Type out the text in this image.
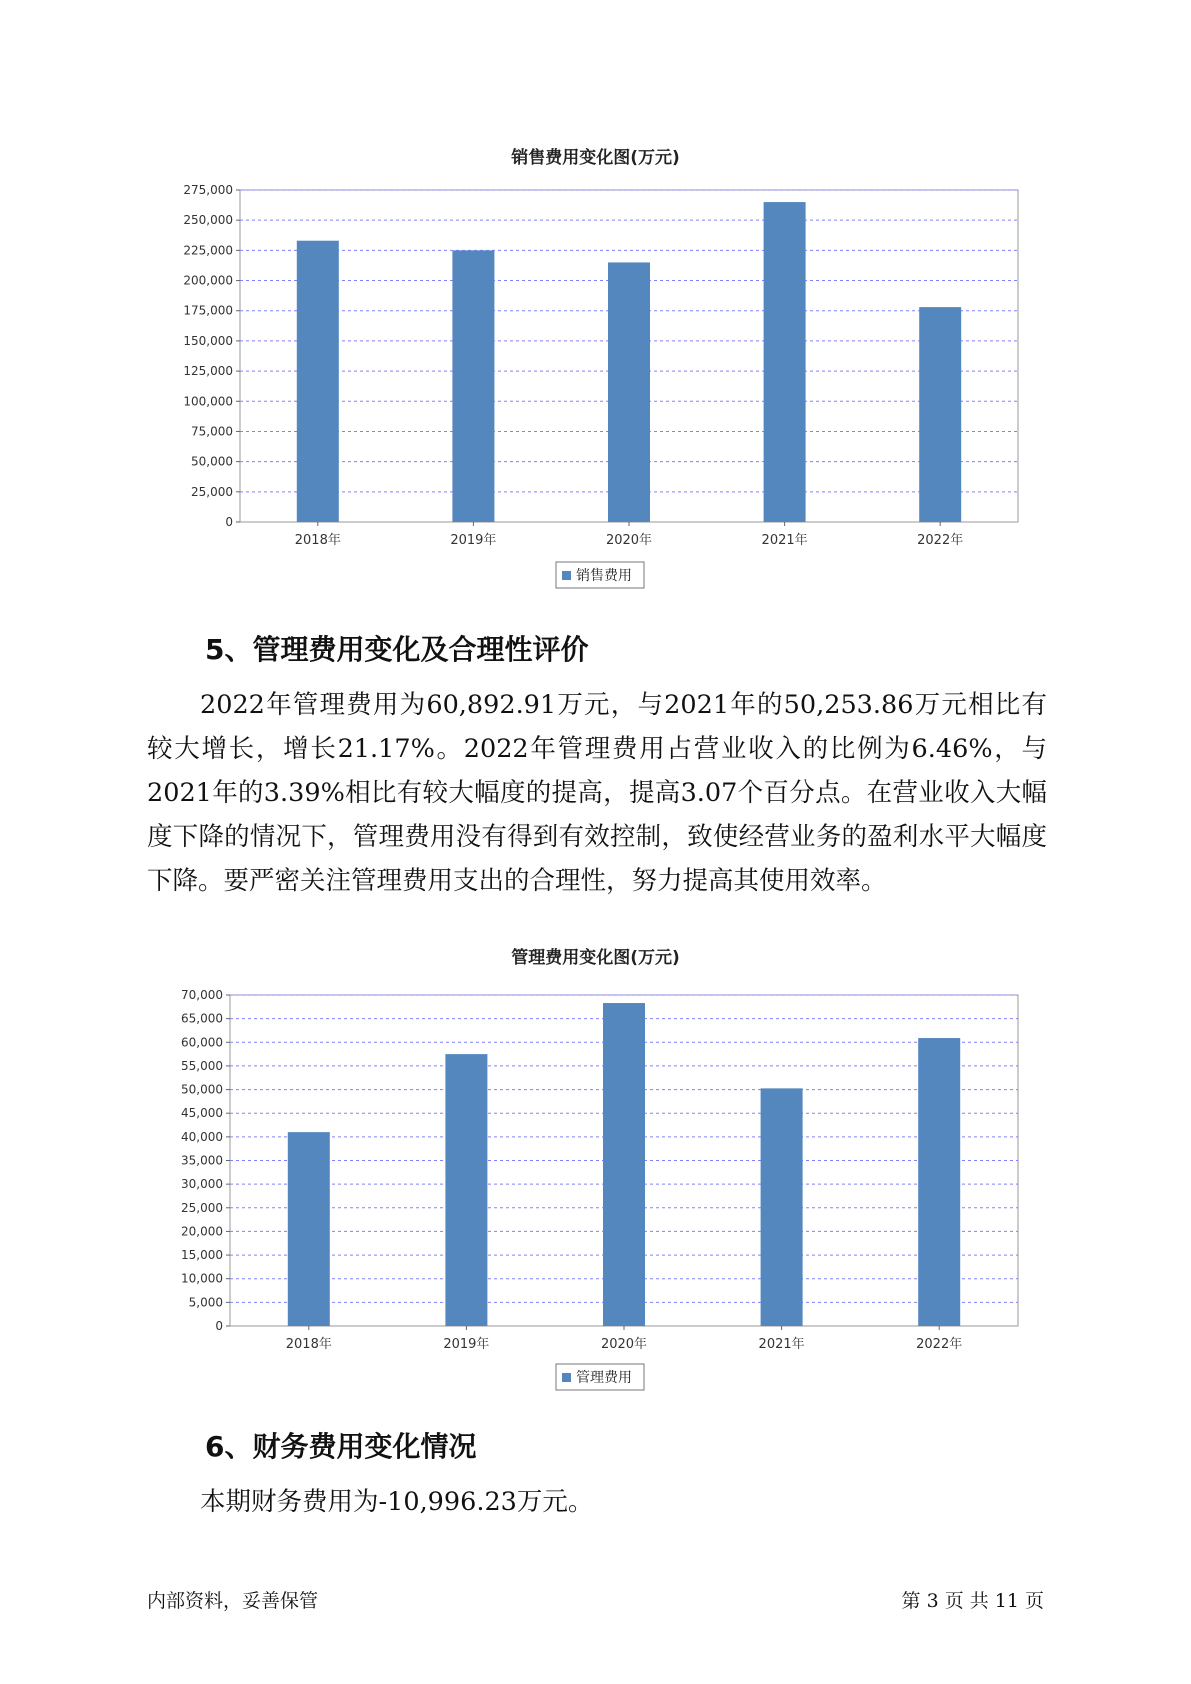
销售费用变化图(万元)
0
25,000
50,000
75,000
100,000
125,000
150,000
175,000
200,000
225,000
250,000
275,000
2018年	2019年	2020年	2021年	2022年
销售费用
5、管理费用变化及合理性评价
2022年管理费用为60,892.91万元，与2021年的50,253.86万元相比有较大增长，增长21.17%。2022年管理费用占营业收入的比例为6.46%，与2021年的3.39%相比有较大幅度的提高，提高3.07个百分点。在营业收入大幅度下降的情况下，管理费用没有得到有效控制，致使经营业务的盈利水平大幅度下降。要严密关注管理费用支出的合理性，努力提高其使用效率。
管理费用变化图(万元)
0
5,000
10,000
15,000
20,000
25,000
30,000
35,000
40,000
45,000
50,000
55,000
60,000
65,000
70,000
2018年	2019年	2020年	2021年	2022年
管理费用
6、财务费用变化情况
本期财务费用为-10,996.23万元。
内部资料，妥善保管	第 3 页 共 11 页
